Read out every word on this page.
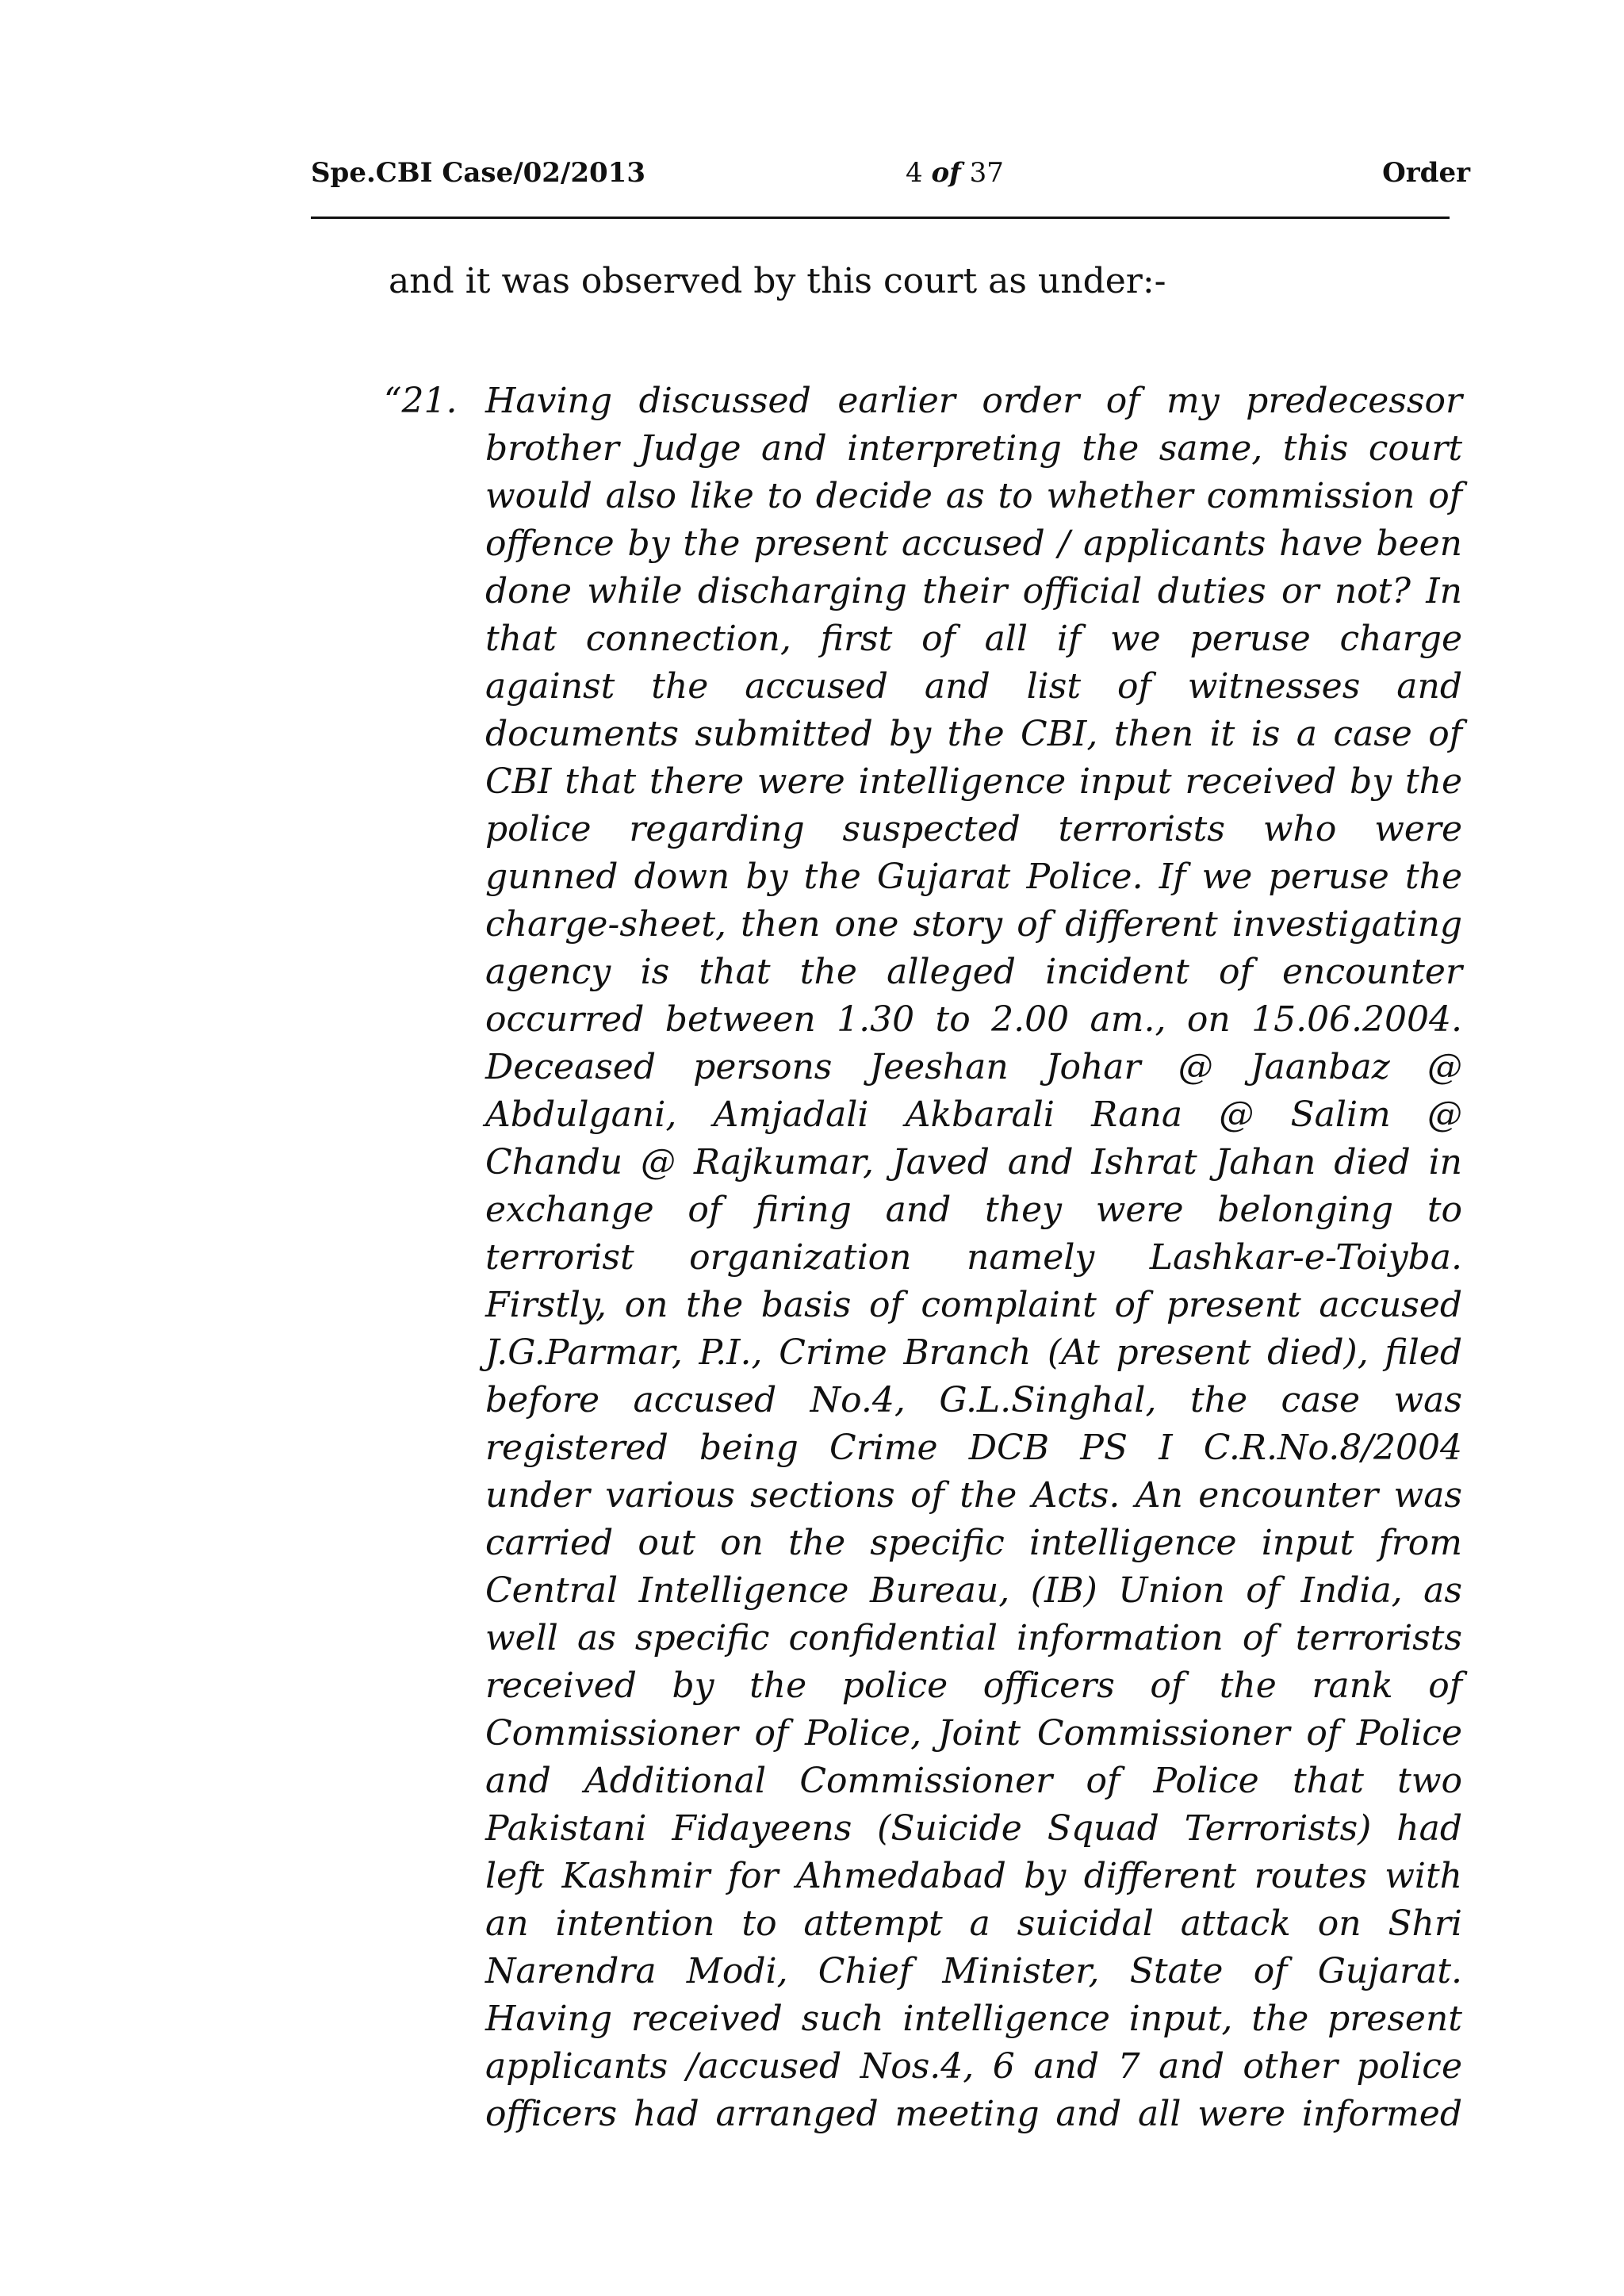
Spe.CBI Case/02/2013	4 of 37	Order
and it was observed by this court as under:-
“21. Having discussed earlier order of my predecessor
brother Judge and interpreting the same, this court
would also like to decide as to whether commission of
offence by the present accused / applicants have been
done while discharging their official duties or not? In
that connection, first of all if we peruse charge
against the accused and list of witnesses and
documents submitted by the CBI, then it is a case of
CBI that there were intelligence input received by the
police regarding suspected terrorists who were
gunned down by the Gujarat Police. If we peruse the
charge-sheet, then one story of different investigating
agency is that the alleged incident of encounter
occurred between 1.30 to 2.00 am., on 15.06.2004.
Deceased persons Jeeshan Johar @ Jaanbaz @
Abdulgani, Amjadali Akbarali Rana @ Salim @
Chandu @ Rajkumar, Javed and Ishrat Jahan died in
exchange of firing and they were belonging to
terrorist organization namely Lashkar-e-Toiyba.
Firstly, on the basis of complaint of present accused
J.G.Parmar, P.I., Crime Branch (At present died), filed
before accused No.4, G.L.Singhal, the case was
registered being Crime DCB PS I C.R.No.8/2004
under various sections of the Acts. An encounter was
carried out on the specific intelligence input from
Central Intelligence Bureau, (IB) Union of India, as
well as specific confidential information of terrorists
received by the police officers of the rank of
Commissioner of Police, Joint Commissioner of Police
and Additional Commissioner of Police that two
Pakistani Fidayeens (Suicide Squad Terrorists) had
left Kashmir for Ahmedabad by different routes with
an intention to attempt a suicidal attack on Shri
Narendra Modi, Chief Minister, State of Gujarat.
Having received such intelligence input, the present
applicants /accused Nos.4, 6 and 7 and other police
officers had arranged meeting and all were informed
